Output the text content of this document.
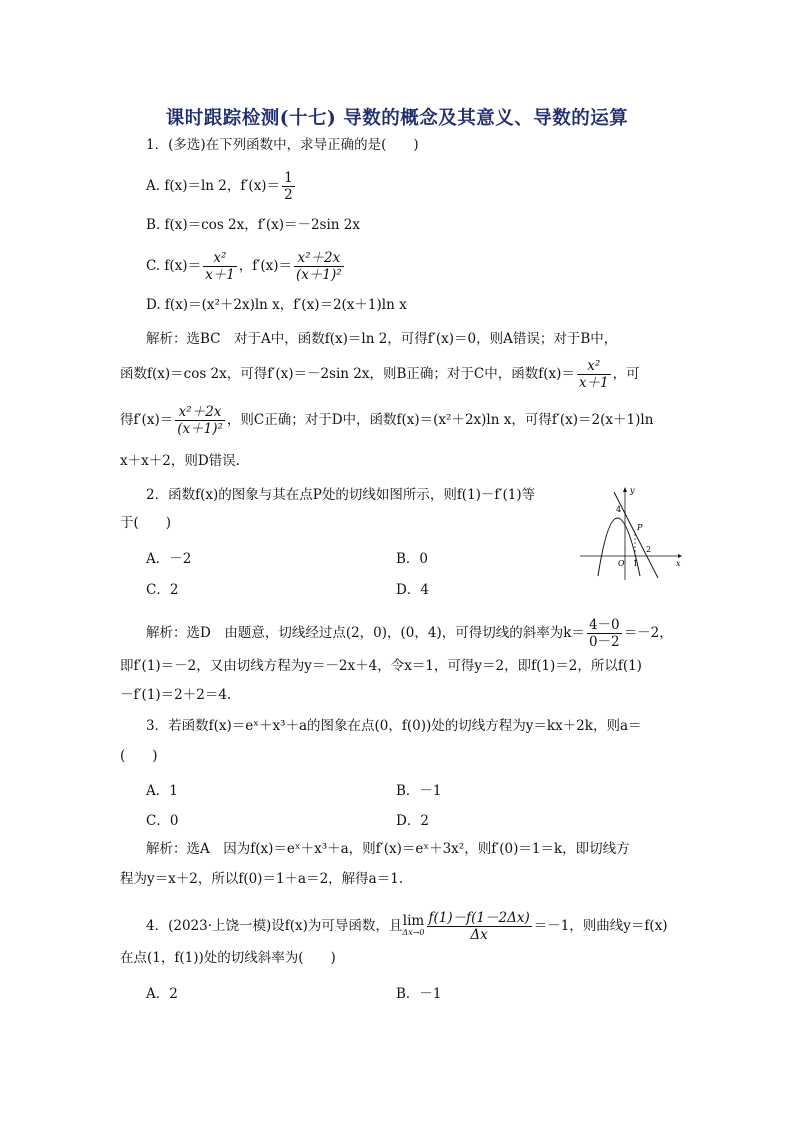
课时跟踪检测(十七) 导数的概念及其意义、导数的运算
1．(多选)在下列函数中，求导正确的是(　　)
A. f(x)＝ln 2，$f'(x)= \frac{1}{2}$
B. f(x)＝cos 2x，f′(x)＝－2sin 2x
C. $f(x)= \frac{\text{x²}}{x+1}$ ，$f'(x)= \frac{\text{x²＋2x}}{\text{(x＋1)²}}$
D. f(x)＝(x²＋2x)ln x，f′(x)＝2(x＋1)ln x
解析：选BC　对于A中，函数f(x)＝ln 2，可得f′(x)＝0，则A错误；对于B中，
函数f(x)＝cos 2x，可得f′(x)＝－2sin 2x，则B正确；对于C中，函数$f(x)= \frac{\text{x²}}{x+1}$ ，可
得$f'(x)= \frac{\text{x²＋2x}}{\text{(x＋1)²}}$ ，则C正确；对于D中，函数f(x)＝(x²＋2x)ln x，可得f′(x)＝2(x＋1)ln
x＋x＋2，则D错误.
2．函数f(x)的图象与其在点P处的切线如图所示，则f(1)－f′(1)等
于(　　)
y
x
O 1
2
4
P
A．－2	B．0
C．2	D．4
解析：选D　由题意，切线经过点(2，0)，(0，4)，可得切线的斜率为$k= \frac{4-0}{0-2} =-2$，
即f′(1)＝－2，又由切线方程为y＝－2x＋4，令x＝1，可得y＝2，即f(1)＝2，所以f(1)
－f′(1)＝2＋2＝4.
3．若函数f(x)＝eˣ＋x³＋a的图象在点(0，f(0))处的切线方程为y＝kx＋2k，则a＝
(　　)
A．1	B．－1
C．0	D．2
解析：选A　因为f(x)＝eˣ＋x³＋a，则f′(x)＝eˣ＋3x²，则f′(0)＝1＝k，即切线方
程为y＝x＋2，所以f(0)＝1＋a＝2，解得a＝1.
4．(2023·上饶一模)设f(x)为可导函数，且 lim
$\Delta x\to 0 \frac{f(1)-f(1-2\Delta x)}{\Delta x} =-1$，则曲线y＝f(x)
在点(1，f(1))处的切线斜率为(　　)
A．2	B．－1
